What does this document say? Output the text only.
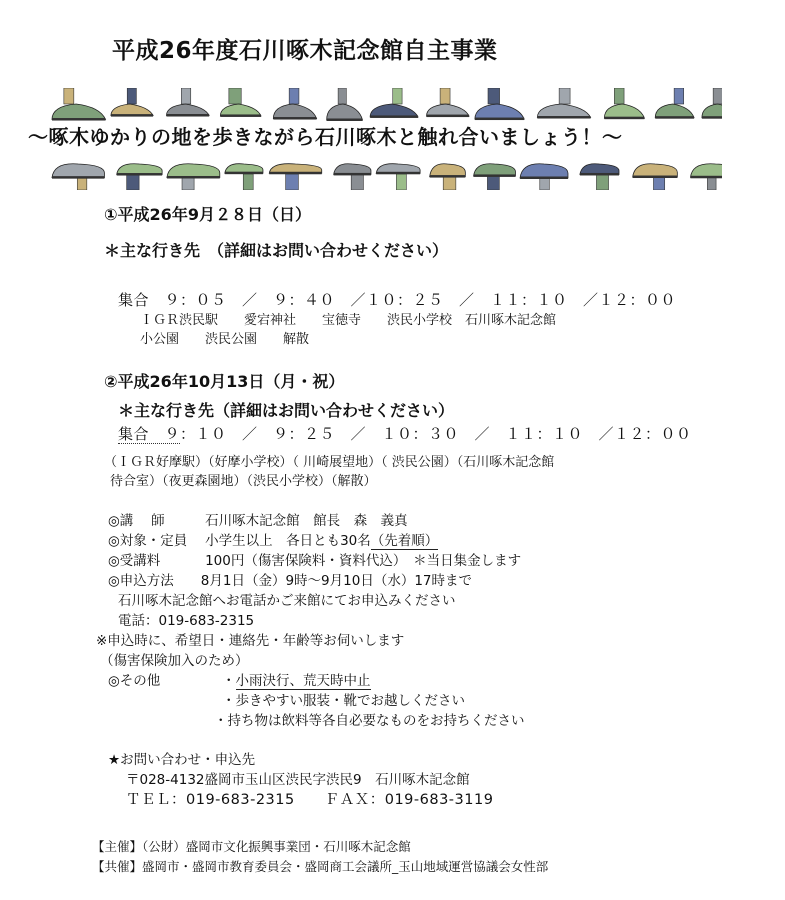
平成26年度石川啄木記念館自主事業
～啄木ゆかりの地を歩きながら石川啄木と触れ合いましょう！～
①平成26年9月２８日（日）
＊主な行き先　（詳細はお問い合わせください）
集合　９：０５　／　９：４０　／１０：２５　／　１１：１０　／１２：００
ＩＧＲ渋民駅　　愛宕神社　　宝徳寺　　渋民小学校　石川啄木記念館
小公園　　渋民公園　　解散
②平成26年10月13日（月・祝）
＊主な行き先（詳細はお問い合わせください）
集合　９：１０　／　９：２５　／　１０：３０　／　１１：１０　／１２：００
（ＩＧＲ好摩駅）（好摩小学校）（ 川崎展望地）（ 渋民公園）（石川啄木記念館
待合室）（夜更森園地）（渋民小学校）（解散）
◎講　 師　　　石川啄木記念館　館長　森　義真
◎対象・定員　 小学生以上　各日とも30名（先着順）
◎受講料　　　 100円（傷害保険料・資料代込）　＊当日集金します
◎申込方法　　8月1日（金）9時～9月10日（水）17時まで
石川啄木記念館へお電話かご来館にてお申込みください
電話：019-683-2315
※申込時に、希望日・連絡先・年齢等お伺いします
（傷害保険加入のため）
◎その他	・小雨決行、荒天時中止
・歩きやすい服装・靴でお越しください
・持ち物は飲料等各自必要なものをお持ちください
★お問い合わせ・申込先
〒028-4132盛岡市玉山区渋民字渋民9　石川啄木記念館
ＴＥＬ：019-683-2315　　ＦＡＸ：019-683-3119
【主催】（公財）盛岡市文化振興事業団・石川啄木記念館
【共催】盛岡市・盛岡市教育委員会・盛岡商工会議所_玉山地域運営協議会女性部
